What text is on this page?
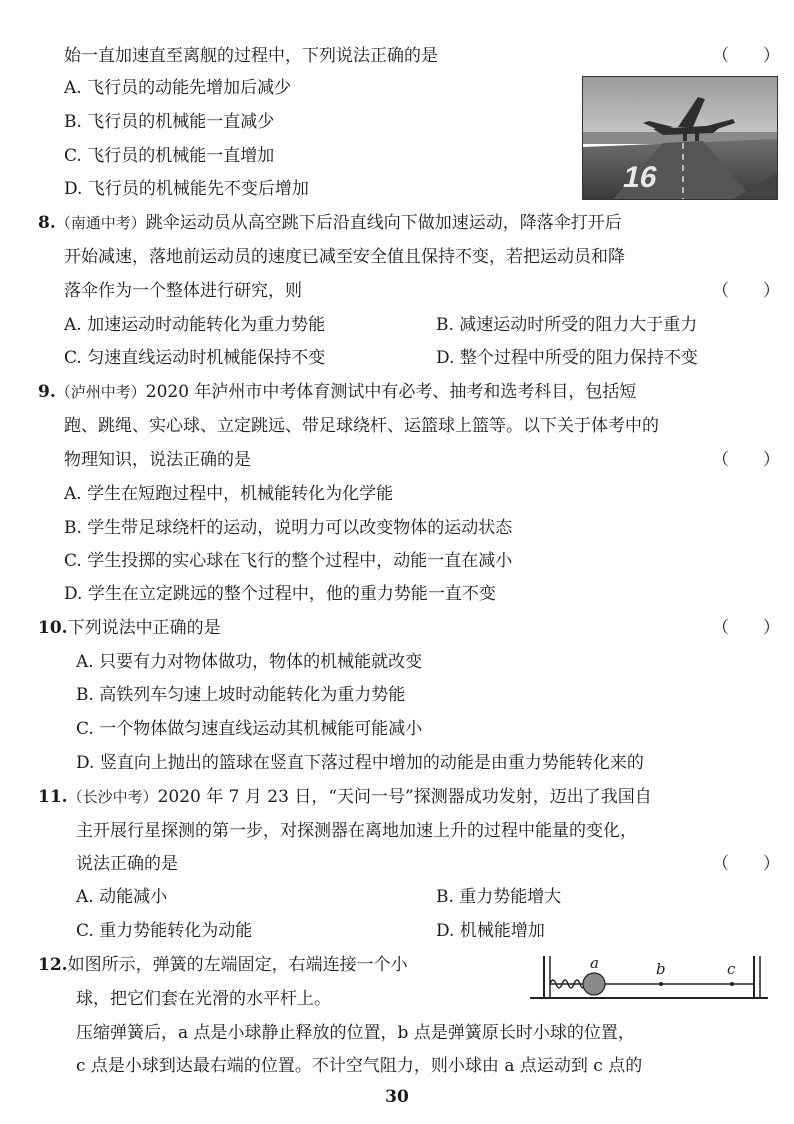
始一直加速直至离舰的过程中，下列说法正确的是	（　　）
A. 飞行员的动能先增加后减少
B. 飞行员的机械能一直减少
C. 飞行员的机械能一直增加
D. 飞行员的机械能先不变后增加	16
8.（南通中考）跳伞运动员从高空跳下后沿直线向下做加速运动，降落伞打开后
开始减速，落地前运动员的速度已减至安全值且保持不变，若把运动员和降
落伞作为一个整体进行研究，则	（　　）
A. 加速运动时动能转化为重力势能	B. 减速运动时所受的阻力大于重力
C. 匀速直线运动时机械能保持不变	D. 整个过程中所受的阻力保持不变
9.（泸州中考）2020 年泸州市中考体育测试中有必考、抽考和选考科目，包括短
跑、跳绳、实心球、立定跳远、带足球绕杆、运篮球上篮等。以下关于体考中的
物理知识，说法正确的是	（　　）
A. 学生在短跑过程中，机械能转化为化学能
B. 学生带足球绕杆的运动，说明力可以改变物体的运动状态
C. 学生投掷的实心球在飞行的整个过程中，动能一直在减小
D. 学生在立定跳远的整个过程中，他的重力势能一直不变
10.下列说法中正确的是	（　　）
A. 只要有力对物体做功，物体的机械能就改变
B. 高铁列车匀速上坡时动能转化为重力势能
C. 一个物体做匀速直线运动其机械能可能减小
D. 竖直向上抛出的篮球在竖直下落过程中增加的动能是由重力势能转化来的
11.（长沙中考）2020 年 7 月 23 日，“天问一号”探测器成功发射，迈出了我国自
主开展行星探测的第一步，对探测器在离地加速上升的过程中能量的变化，
说法正确的是	（　　）
A. 动能减小	B. 重力势能增大
C. 重力势能转化为动能	D. 机械能增加
12.如图所示，弹簧的左端固定，右端连接一个小
球，把它们套在光滑的水平杆上。
压缩弹簧后，a 点是小球静止释放的位置，b 点是弹簧原长时小球的位置，
c 点是小球到达最右端的位置。不计空气阻力，则小球由 a 点运动到 c 点的
a	b	c
30
